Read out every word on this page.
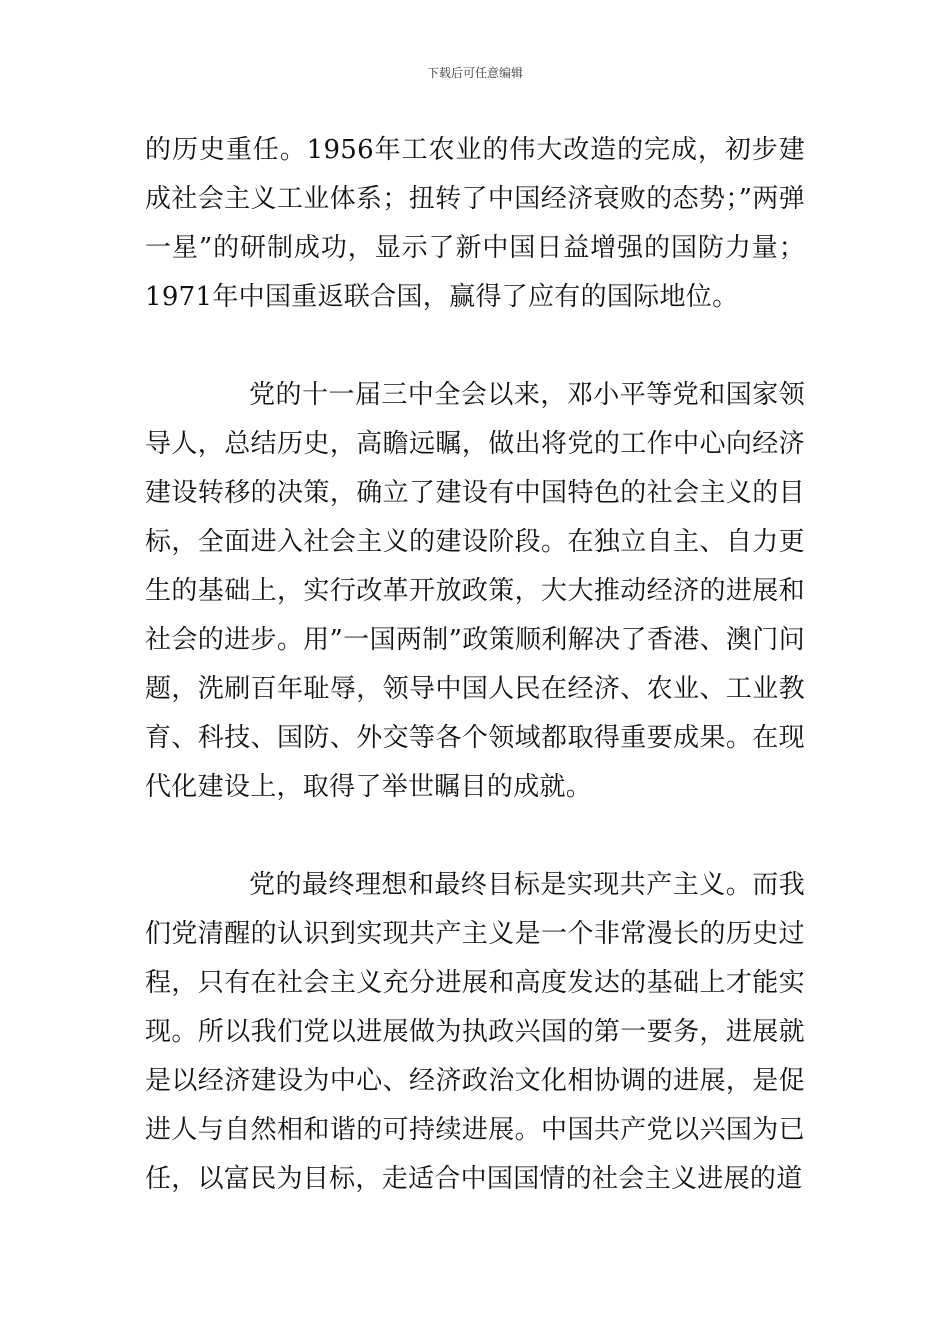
下载后可任意编辑

的历史重任。1956年工农业的伟大改造的完成，初步建成社会主义工业体系；扭转了中国经济衰败的态势；”两弹一星”的研制成功，显示了新中国日益增强的国防力量；1971年中国重返联合国，赢得了应有的国际地位。

党的十一届三中全会以来，邓小平等党和国家领导人，总结历史，高瞻远瞩，做出将党的工作中心向经济建设转移的决策，确立了建设有中国特色的社会主义的目标，全面进入社会主义的建设阶段。在独立自主、自力更生的基础上，实行改革开放政策，大大推动经济的进展和社会的进步。用”一国两制”政策顺利解决了香港、澳门问题，洗刷百年耻辱，领导中国人民在经济、农业、工业教育、科技、国防、外交等各个领域都取得重要成果。在现代化建设上，取得了举世瞩目的成就。

党的最终理想和最终目标是实现共产主义。而我们党清醒的认识到实现共产主义是一个非常漫长的历史过程，只有在社会主义充分进展和高度发达的基础上才能实现。所以我们党以进展做为执政兴国的第一要务，进展就是以经济建设为中心、经济政治文化相协调的进展，是促进人与自然相和谐的可持续进展。中国共产党以兴国为已任，以富民为目标，走适合中国国情的社会主义进展的道
